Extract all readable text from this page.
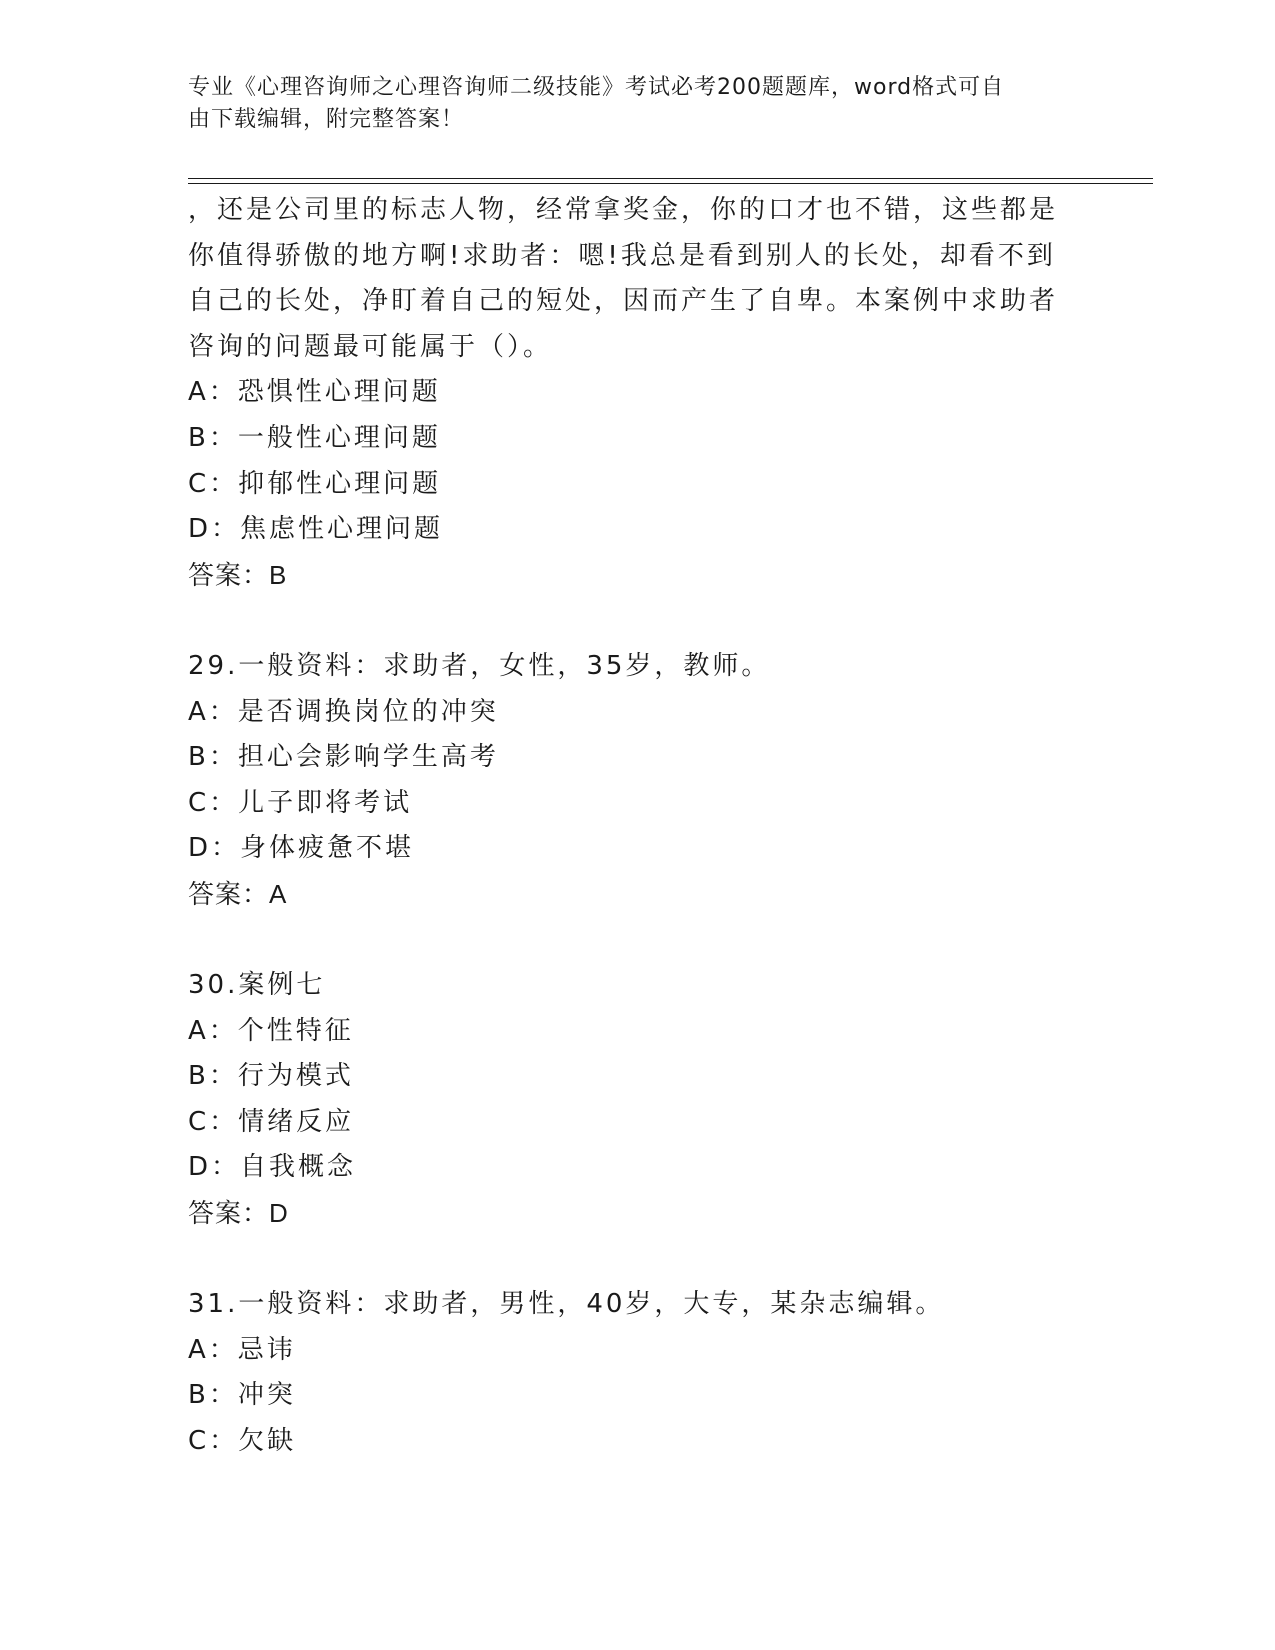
专业《心理咨询师之心理咨询师二级技能》考试必考200题题库，word格式可自
由下载编辑，附完整答案！
，还是公司里的标志人物，经常拿奖金，你的口才也不错，这些都是
你值得骄傲的地方啊!求助者：嗯!我总是看到别人的长处，却看不到
自己的长处，净盯着自己的短处，因而产生了自卑。本案例中求助者
咨询的问题最可能属于（）。
A：恐惧性心理问题
B：一般性心理问题
C：抑郁性心理问题
D：焦虑性心理问题
答案：B
29.一般资料：求助者，女性，35岁，教师。
A：是否调换岗位的冲突
B：担心会影响学生高考
C：儿子即将考试
D：身体疲惫不堪
答案：A
30.案例七
A：个性特征
B：行为模式
C：情绪反应
D：自我概念
答案：D
31.一般资料：求助者，男性，40岁，大专，某杂志编辑。
A：忌讳
B：冲突
C：欠缺
